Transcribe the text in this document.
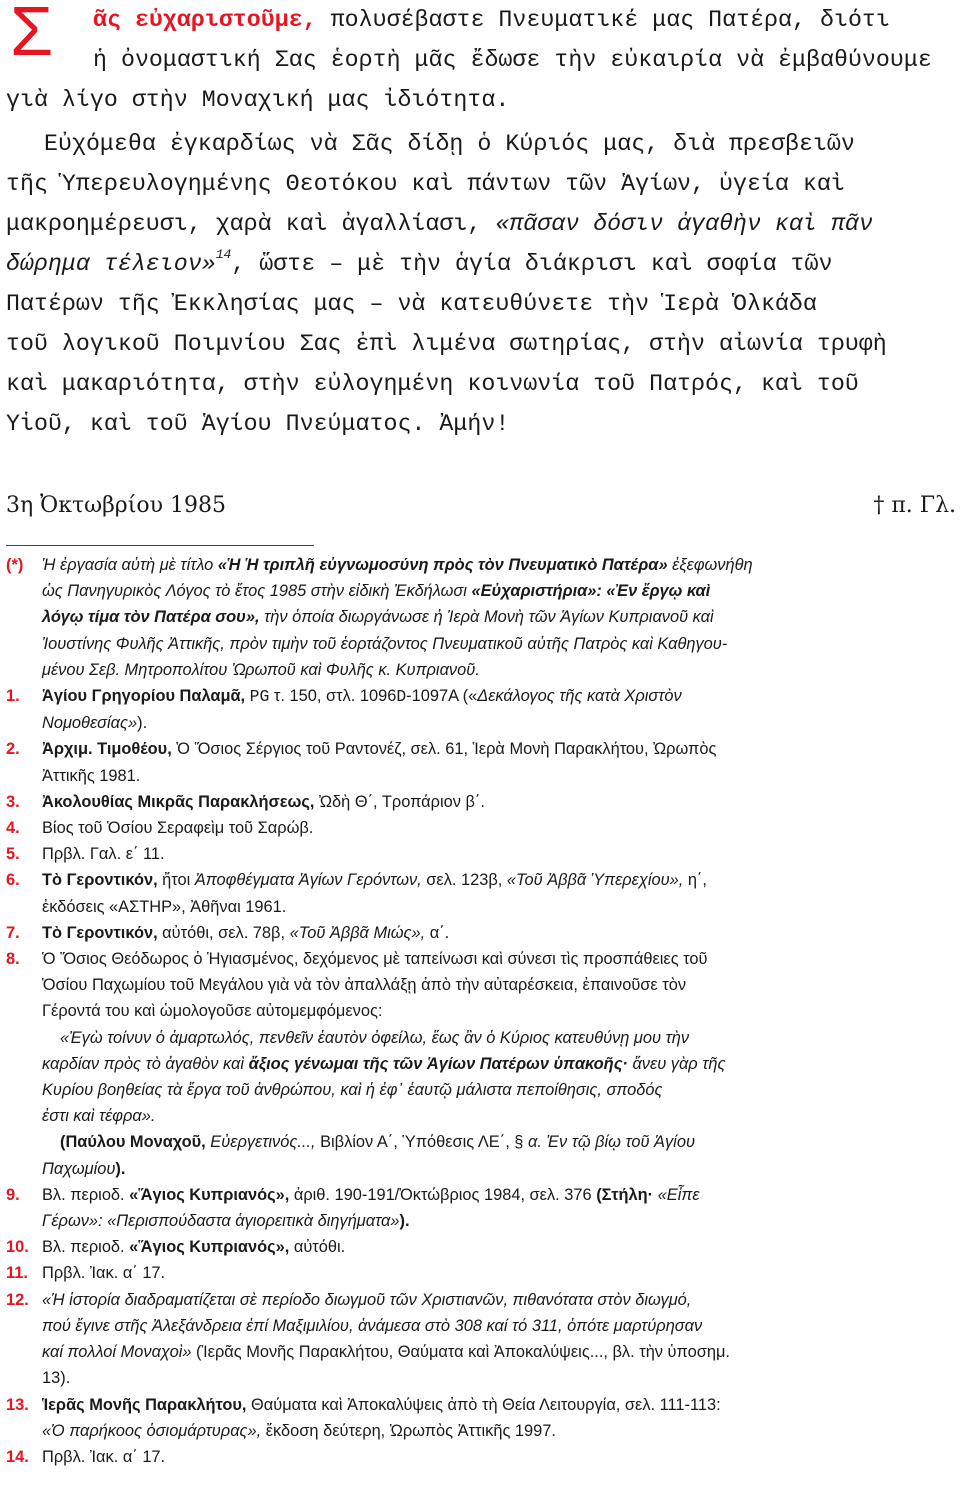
Σ	ᾶς εὐχαριστοῦμε, πολυσέβαστε Πνευματικέ μας Πατέρα, διότι
ἡ ὀνομαστική Σας ἑορτὴ μᾶς ἔδωσε τὴν εὐκαιρία νὰ ἐμβαθύνουμε
γιὰ λίγο στὴν Μοναχική μας ἰδιότητα.
Εὐχόμεθα ἐγκαρδίως νὰ Σᾶς δίδῃ ὁ Κύριός μας, διὰ πρεσβειῶν
τῆς Ὑπερευλογημένης Θεοτόκου καὶ πάντων τῶν Ἁγίων, ὑγεία καὶ
μακροημέρευσι, χαρὰ καὶ ἀγαλλίασι, «πᾶσαν δόσιν ἀγαθὴν καὶ πᾶν
δώρημα τέλειον»$^{14}$, ὥστε – μὲ τὴν ἁγία διάκρισι καὶ σοφία τῶν
Πατέρων τῆς Ἐκκλησίας μας – νὰ κατευθύνετε τὴν Ἱερὰ Ὁλκάδα
τοῦ λογικοῦ Ποιμνίου Σας ἐπὶ λιμένα σωτηρίας, στὴν αἰωνία τρυφὴ
καὶ μακαριότητα, στὴν εὐλογημένη κοινωνία τοῦ Πατρός, καὶ τοῦ
Υἱοῦ, καὶ τοῦ Ἁγίου Πνεύματος. Ἀμήν!
3η Ὀκτωβρίου 1985	† π. Γλ.
(*) Ἡ ἐργασία αὐτὴ μὲ τίτλο «Ἡ Ἡ τριπλῆ εὐγνωμοσύνη πρὸς τὸν Πνευματικὸ Πατέρα» ἐξεφωνήθη
ὡς Πανηγυρικὸς Λόγος τὸ ἔτος 1985 στὴν εἰδικὴ Ἐκδήλωσι «Εὐχαριστήρια»: «Ἐν ἔργῳ καὶ
λόγῳ τίμα τὸν Πατέρα σου», τὴν ὁποία διωργάνωσε ἡ Ἱερὰ Μονὴ τῶν Ἁγίων Κυπριανοῦ καὶ
Ἰουστίνης Φυλῆς Ἀττικῆς, πρὸν τιμὴν τοῦ ἑορτάζοντος Πνευματικοῦ αὐτῆς Πατρὸς καὶ Καθηγου-
μένου Σεβ. Μητροπολίτου Ὠρωποῦ καὶ Φυλῆς κ. Κυπριανοῦ.
1. Ἁγίου Γρηγορίου Παλαμᾶ, PG τ. 150, στλ. 1096D-1097A («Δεκάλογος τῆς κατὰ Χριστὸν
Νομοθεσίας»).
2. Ἀρχιμ. Τιμοθέου, Ὁ Ὅσιος Σέργιος τοῦ Ραντονέζ, σελ. 61, Ἱερὰ Μονὴ Παρακλήτου, Ὠρωπὸς
Ἀττικῆς 1981.
3. Ἀκολουθίας Μικρᾶς Παρακλήσεως, Ὠδὴ Θ΄, Τροπάριον β΄.
4. Βίος τοῦ Ὁσίου Σεραφεὶμ τοῦ Σαρώβ.
5. Πρβλ. Γαλ. ε΄ 11.
6. Τὸ Γεροντικόν, ἤτοι Ἀποφθέγματα Ἁγίων Γερόντων, σελ. 123β, «Τοῦ Ἀββᾶ Ὑπερεχίου», η΄,
ἐκδόσεις «ΑΣΤΗΡ», Ἀθῆναι 1961.
7. Τὸ Γεροντικόν, αὐτόθι, σελ. 78β, «Τοῦ Ἀββᾶ Μιώς», α΄.
8. Ὁ Ὅσιος Θεόδωρος ὁ Ἡγιασμένος, δεχόμενος μὲ ταπείνωσι καὶ σύνεσι τὶς προσπάθειες τοῦ
Ὁσίου Παχωμίου τοῦ Μεγάλου γιὰ νὰ τὸν ἀπαλλάξῃ ἀπὸ τὴν αὐταρέσκεια, ἐπαινοῦσε τὸν
Γέροντά του καὶ ὡμολογοῦσε αὐτομεμφόμενος:
«Ἐγὼ τοίνυν ὁ ἁμαρτωλός, πενθεῖν ἑαυτὸν ὀφείλω, ἕως ἂν ὁ Κύριος κατευθύνῃ μου τὴν
καρδίαν πρὸς τὸ ἀγαθὸν καὶ ἄξιος γένωμαι τῆς τῶν Ἁγίων Πατέρων ὑπακοῆς· ἄνευ γὰρ τῆς
Κυρίου βοηθείας τὰ ἔργα τοῦ ἀνθρώπου, καὶ ἡ ἐφ᾽ ἑαυτῷ μάλιστα πεποίθησις, σποδός
ἐστι καὶ τέφρα».
(Παύλου Μοναχοῦ, Εὐεργετινός..., Βιβλίον Α΄, Ὑπόθεσις ΛΕ΄, § α. Ἐν τῷ βίῳ τοῦ Ἁγίου
Παχωμίου).
9. Βλ. περιοδ. «Ἅγιος Κυπριανός», ἀριθ. 190-191/Ὀκτώβριος 1984, σελ. 376 (Στήλη· «Εἶπε
Γέρων»: «Περισπούδαστα ἁγιορειτικὰ διηγήματα»).
10. Βλ. περιοδ. «Ἅγιος Κυπριανός», αὐτόθι.
11. Πρβλ. Ἰακ. α΄ 17.
12. «Ἡ ἱστορία διαδραματίζεται σὲ περίοδο διωγμοῦ τῶν Χριστιανῶν, πιθανότατα στὸν διωγμό,
πού ἔγινε στῆς Ἀλεξάνδρεια ἐπί Μαξιμιλίου, ἀνάμεσα στὸ 308 καί τό 311, ὁπότε μαρτύρησαν
καί πολλοί Μοναχοὶ» (Ἱερᾶς Μονῆς Παρακλήτου, Θαύματα καὶ Ἀποκαλύψεις..., βλ. τὴν ὑποσημ.
13).
13. Ἱερᾶς Μονῆς Παρακλήτου, Θαύματα καὶ Ἀποκαλύψεις ἀπὸ τὴ Θεία Λειτουργία, σελ. 111-113:
«Ὁ παρήκοος ὁσιομάρτυρας», ἔκδοση δεύτερη, Ὠρωπὸς Ἀττικῆς 1997.
14. Πρβλ. Ἰακ. α΄ 17.
